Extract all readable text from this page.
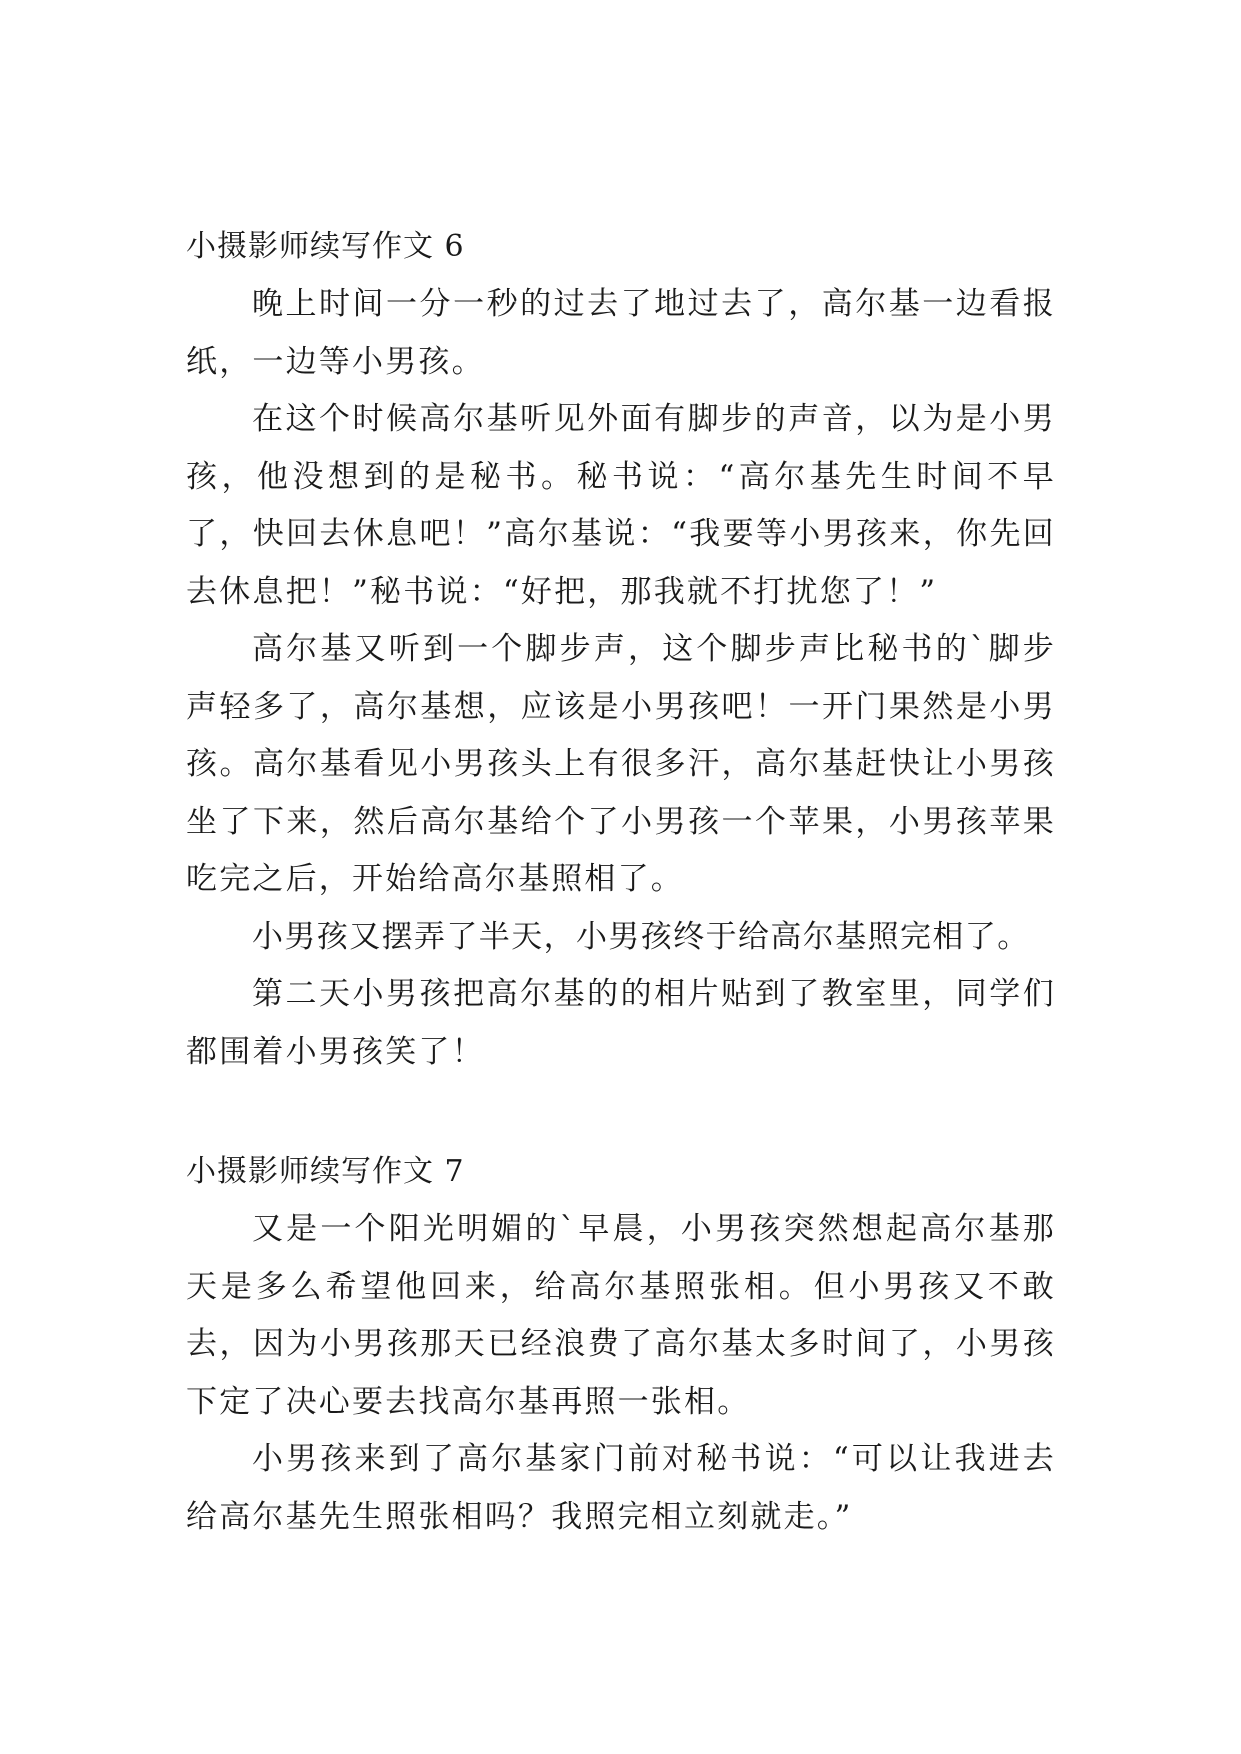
小摄影师续写作文 6

晚上时间一分一秒的过去了地过去了，高尔基一边看报纸，一边等小男孩。

在这个时候高尔基听见外面有脚步的声音，以为是小男孩，他没想到的是秘书。秘书说：“高尔基先生时间不早了，快回去休息吧！”高尔基说：“我要等小男孩来，你先回去休息把！”秘书说：“好把，那我就不打扰您了！”

高尔基又听到一个脚步声，这个脚步声比秘书的`脚步声轻多了，高尔基想，应该是小男孩吧！一开门果然是小男孩。高尔基看见小男孩头上有很多汗，高尔基赶快让小男孩坐了下来，然后高尔基给个了小男孩一个苹果，小男孩苹果吃完之后，开始给高尔基照相了。

小男孩又摆弄了半天，小男孩终于给高尔基照完相了。

第二天小男孩把高尔基的的相片贴到了教室里，同学们都围着小男孩笑了！

小摄影师续写作文 7

又是一个阳光明媚的`早晨，小男孩突然想起高尔基那天是多么希望他回来，给高尔基照张相。但小男孩又不敢去，因为小男孩那天已经浪费了高尔基太多时间了，小男孩下定了决心要去找高尔基再照一张相。

小男孩来到了高尔基家门前对秘书说：“可以让我进去给高尔基先生照张相吗？我照完相立刻就走。”
